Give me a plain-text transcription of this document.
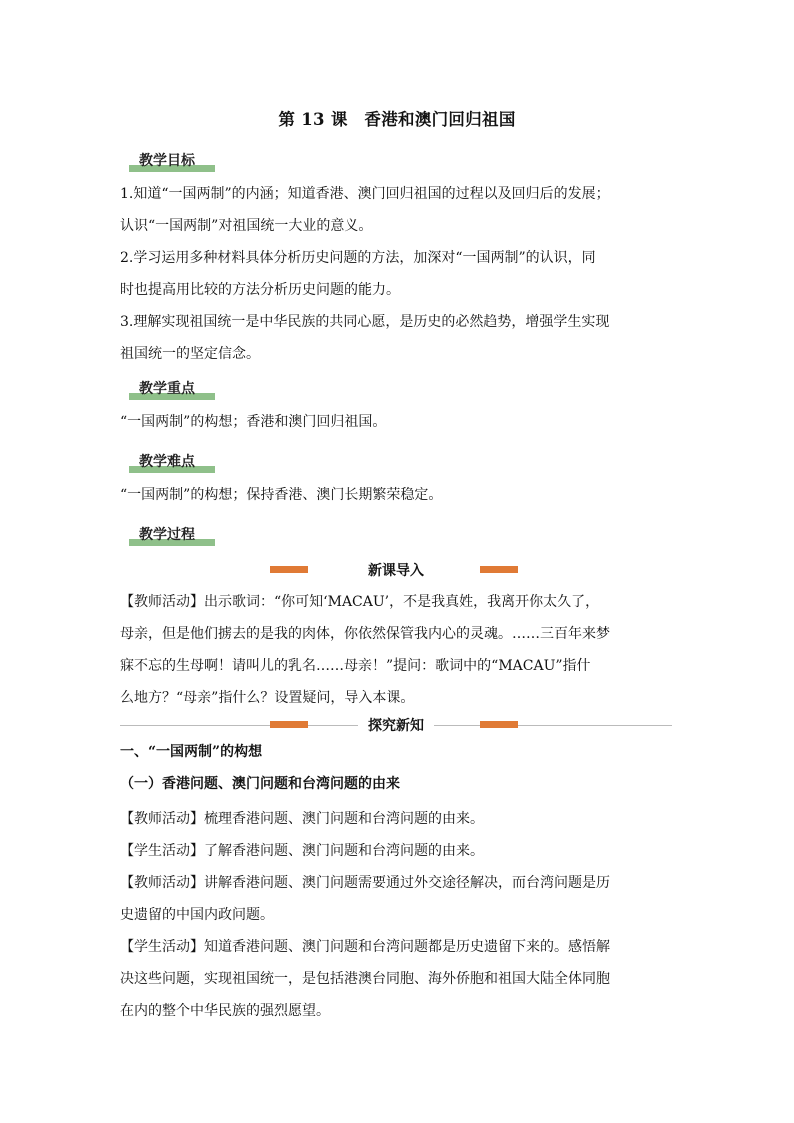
第 13 课　香港和澳门回归祖国
教学目标
1.知道“一国两制”的内涵；知道香港、澳门回归祖国的过程以及回归后的发展；
认识“一国两制”对祖国统一大业的意义。
2.学习运用多种材料具体分析历史问题的方法，加深对“一国两制”的认识，同
时也提高用比较的方法分析历史问题的能力。
3.理解实现祖国统一是中华民族的共同心愿，是历史的必然趋势，增强学生实现
祖国统一的坚定信念。
教学重点
“一国两制”的构想；香港和澳门回归祖国。
教学难点
“一国两制”的构想；保持香港、澳门长期繁荣稳定。
教学过程
新课导入
【教师活动】出示歌词：“你可知‘MACAU’，不是我真姓，我离开你太久了，
母亲，但是他们掳去的是我的肉体，你依然保管我内心的灵魂。……三百年来梦
寐不忘的生母啊！请叫儿的乳名……母亲！”提问：歌词中的“MACAU”指什
么地方？“母亲”指什么？设置疑问，导入本课。
探究新知
一、“一国两制”的构想
（一）香港问题、澳门问题和台湾问题的由来
【教师活动】梳理香港问题、澳门问题和台湾问题的由来。
【学生活动】了解香港问题、澳门问题和台湾问题的由来。
【教师活动】讲解香港问题、澳门问题需要通过外交途径解决，而台湾问题是历
史遗留的中国内政问题。
【学生活动】知道香港问题、澳门问题和台湾问题都是历史遗留下来的。感悟解
决这些问题，实现祖国统一，是包括港澳台同胞、海外侨胞和祖国大陆全体同胞
在内的整个中华民族的强烈愿望。
